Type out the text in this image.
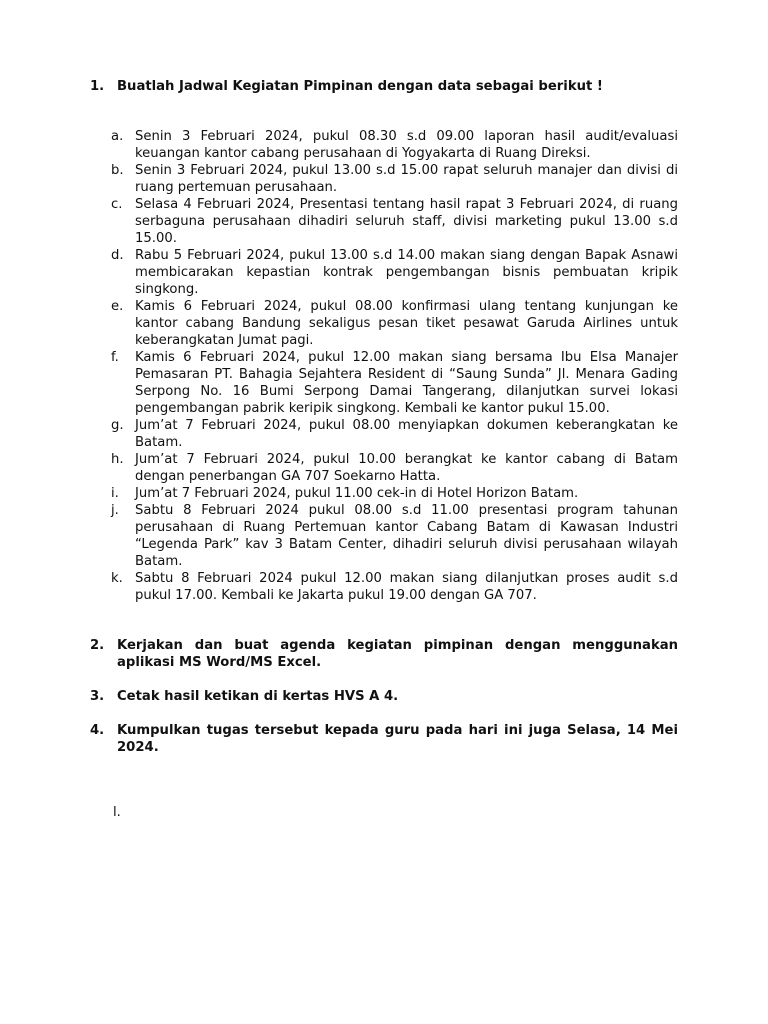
1. Buatlah Jadwal Kegiatan Pimpinan dengan data sebagai berikut !
a. Senin 3 Februari 2024, pukul 08.30 s.d 09.00 laporan hasil audit/evaluasi keuangan kantor cabang perusahaan di Yogyakarta di Ruang Direksi.
b. Senin 3 Februari 2024, pukul 13.00 s.d 15.00 rapat seluruh manajer dan divisi di ruang pertemuan perusahaan.
c. Selasa 4 Februari 2024, Presentasi tentang hasil rapat 3 Februari 2024, di ruang serbaguna perusahaan dihadiri seluruh staff, divisi marketing pukul 13.00 s.d 15.00.
d. Rabu 5 Februari 2024, pukul 13.00 s.d 14.00 makan siang dengan Bapak Asnawi membicarakan kepastian kontrak pengembangan bisnis pembuatan kripik singkong.
e. Kamis 6 Februari 2024, pukul 08.00 konfirmasi ulang tentang kunjungan ke kantor cabang Bandung sekaligus pesan tiket pesawat Garuda Airlines untuk keberangkatan Jumat pagi.
f. Kamis 6 Februari 2024, pukul 12.00 makan siang bersama Ibu Elsa Manajer Pemasaran PT. Bahagia Sejahtera Resident di “Saung Sunda” Jl. Menara Gading Serpong No. 16 Bumi Serpong Damai Tangerang, dilanjutkan survei lokasi pengembangan pabrik keripik singkong. Kembali ke kantor pukul 15.00.
g. Jum’at 7 Februari 2024, pukul 08.00 menyiapkan dokumen keberangkatan ke Batam.
h. Jum’at 7 Februari 2024, pukul 10.00 berangkat ke kantor cabang di Batam dengan penerbangan GA 707 Soekarno Hatta.
i. Jum’at 7 Februari 2024, pukul 11.00 cek-in di Hotel Horizon Batam.
j. Sabtu 8 Februari 2024 pukul 08.00 s.d 11.00 presentasi program tahunan perusahaan di Ruang Pertemuan kantor Cabang Batam di Kawasan Industri “Legenda Park” kav 3 Batam Center, dihadiri seluruh divisi perusahaan wilayah Batam.
k. Sabtu 8 Februari 2024 pukul 12.00 makan siang dilanjutkan proses audit s.d pukul 17.00. Kembali ke Jakarta pukul 19.00 dengan GA 707.
2. Kerjakan dan buat agenda kegiatan pimpinan dengan menggunakan aplikasi MS Word/MS Excel.
3. Cetak hasil ketikan di kertas HVS A 4.
4. Kumpulkan tugas tersebut kepada guru pada hari ini juga Selasa, 14 Mei 2024.
l.
